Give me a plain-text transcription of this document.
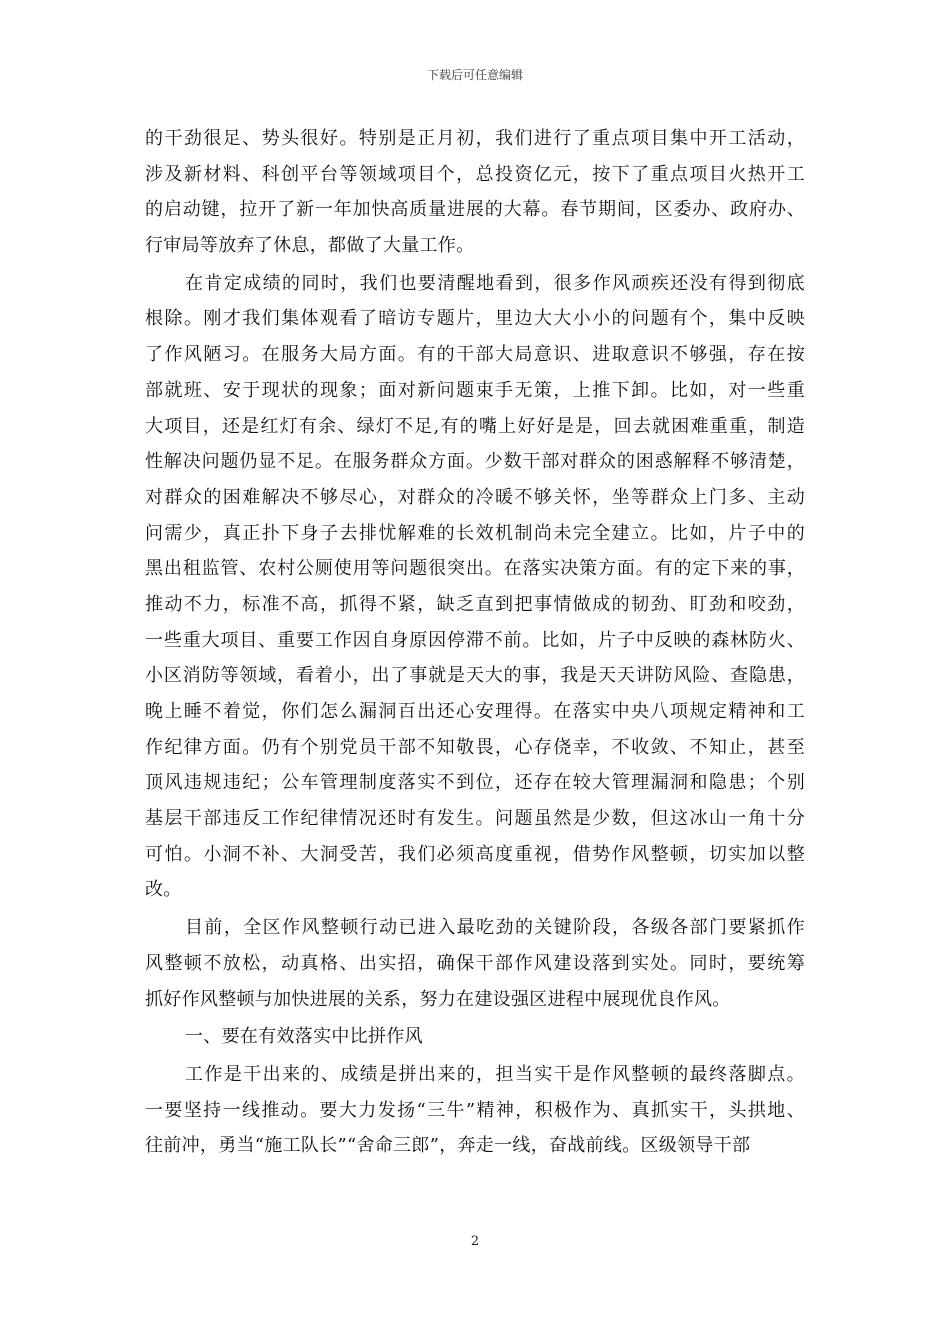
下载后可任意编辑
的干劲很足、势头很好。特别是正月初，我们进行了重点项目集中开工活动，
涉及新材料、科创平台等领域项目个，总投资亿元，按下了重点项目火热开工
的启动键，拉开了新一年加快高质量进展的大幕。春节期间，区委办、政府办、
行审局等放弃了休息，都做了大量工作。
在肯定成绩的同时，我们也要清醒地看到，很多作风顽疾还没有得到彻底
根除。刚才我们集体观看了暗访专题片，里边大大小小的问题有个，集中反映
了作风陋习。在服务大局方面。有的干部大局意识、进取意识不够强，存在按
部就班、安于现状的现象；面对新问题束手无策，上推下卸。比如，对一些重
大项目，还是红灯有余、绿灯不足,有的嘴上好好是是，回去就困难重重，制造
性解决问题仍显不足。在服务群众方面。少数干部对群众的困惑解释不够清楚，
对群众的困难解决不够尽心，对群众的冷暖不够关怀，坐等群众上门多、主动
问需少，真正扑下身子去排忧解难的长效机制尚未完全建立。比如，片子中的
黑出租监管、农村公厕使用等问题很突出。在落实决策方面。有的定下来的事，
推动不力，标准不高，抓得不紧，缺乏直到把事情做成的韧劲、盯劲和咬劲，
一些重大项目、重要工作因自身原因停滞不前。比如，片子中反映的森林防火、
小区消防等领域，看着小，出了事就是天大的事，我是天天讲防风险、查隐患，
晚上睡不着觉，你们怎么漏洞百出还心安理得。在落实中央八项规定精神和工
作纪律方面。仍有个别党员干部不知敬畏，心存侥幸，不收敛、不知止，甚至
顶风违规违纪；公车管理制度落实不到位，还存在较大管理漏洞和隐患；个别
基层干部违反工作纪律情况还时有发生。问题虽然是少数，但这冰山一角十分
可怕。小洞不补、大洞受苦，我们必须高度重视，借势作风整顿，切实加以整
改。
目前，全区作风整顿行动已进入最吃劲的关键阶段，各级各部门要紧抓作
风整顿不放松，动真格、出实招，确保干部作风建设落到实处。同时，要统筹
抓好作风整顿与加快进展的关系，努力在建设强区进程中展现优良作风。
一、要在有效落实中比拼作风
工作是干出来的、成绩是拼出来的，担当实干是作风整顿的最终落脚点。
一要坚持一线推动。要大力发扬“三牛”精神，积极作为、真抓实干，头拱地、
往前冲，勇当“施工队长”“舍命三郎”，奔走一线，奋战前线。区级领导干部
2
